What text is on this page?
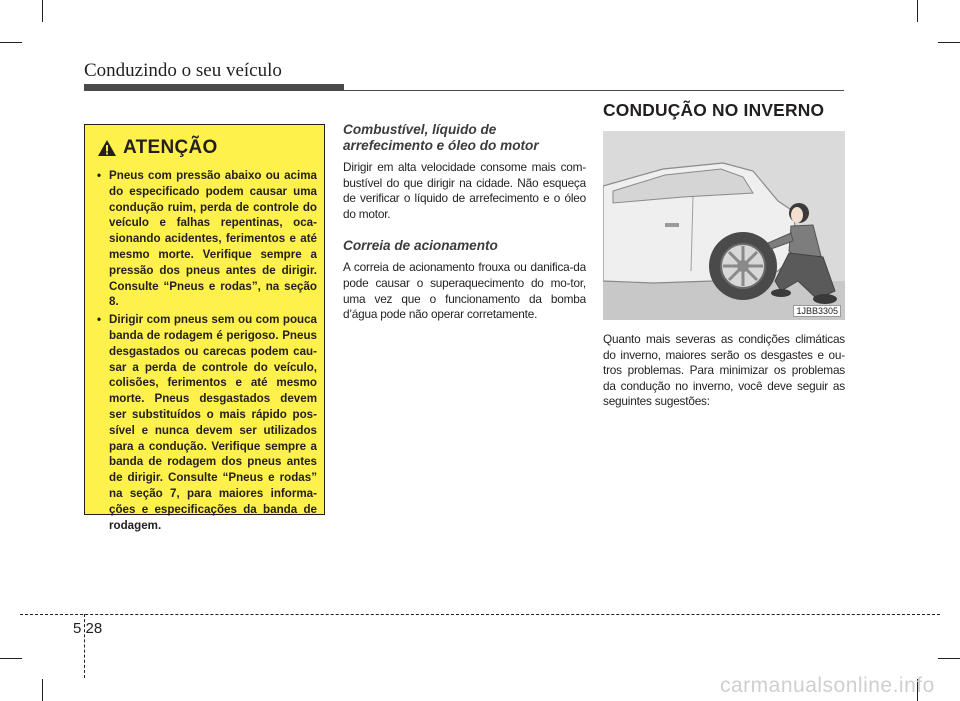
Conduzindo o seu veículo
ATENÇÃO
• Pneus com pressão abaixo ou acima do especificado podem causar uma condução ruim, perda de controle do veículo e falhas repentinas, oca-sionando acidentes, ferimentos e até mesmo morte. Verifique sempre a pressão dos pneus antes de dirigir. Consulte “Pneus e rodas”, na seção 8.
• Dirigir com pneus sem ou com pouca banda de rodagem é perigoso. Pneus desgastados ou carecas podem cau-sar a perda de controle do veículo, colisões, ferimentos e até mesmo morte. Pneus desgastados devem ser substituídos o mais rápido pos-sível e nunca devem ser utilizados para a condução. Verifique sempre a banda de rodagem dos pneus antes de dirigir. Consulte “Pneus e rodas” na seção 7, para maiores informa-ções e especificações da banda de rodagem.

Combustível, líquido de arrefecimento e óleo do motor

Dirigir em alta velocidade consome mais com-bustível do que dirigir na cidade. Não esqueça de verificar o líquido de arrefecimento e o óleo do motor.

Correia de acionamento

A correia de acionamento frouxa ou danifica-da pode causar o superaquecimento do mo-tor, uma vez que o funcionamento da bomba d’água pode não operar corretamente.

CONDUÇÃO NO INVERNO
1JBB3305

Quanto mais severas as condições climáticas do inverno, maiores serão os desgastes e ou-tros problemas. Para minimizar os problemas da condução no inverno, você deve seguir as seguintes sugestões:

5 28
carmanualsonline.info
